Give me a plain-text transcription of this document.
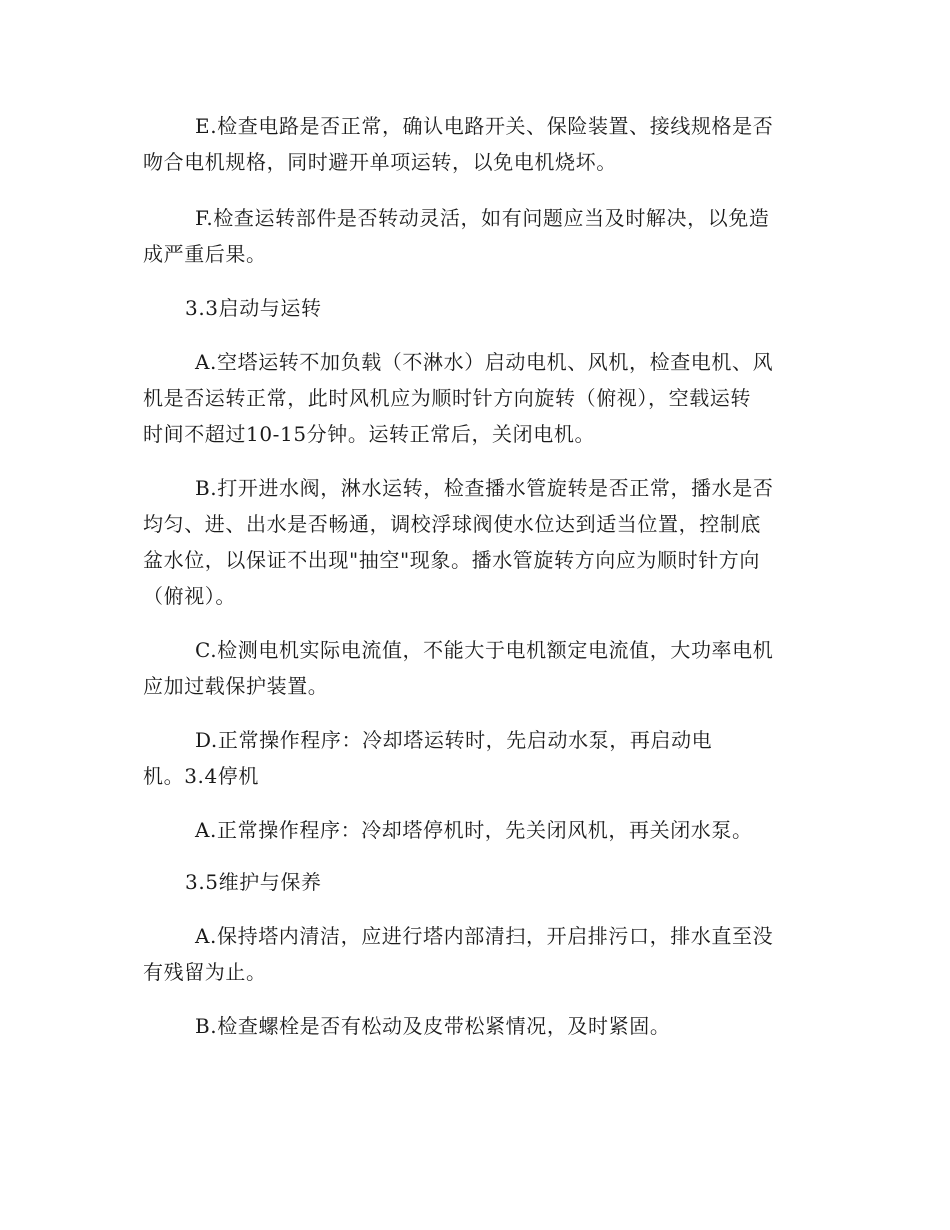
E.检查电路是否正常，确认电路开关、保险装置、接线规格是否
吻合电机规格，同时避开单项运转，以免电机烧坏。
F.检查运转部件是否转动灵活，如有问题应当及时解决，以免造
成严重后果。
3.3启动与运转
A.空塔运转不加负载（不淋水）启动电机、风机，检查电机、风
机是否运转正常，此时风机应为顺时针方向旋转（俯视），空载运转
时间不超过10-15分钟。运转正常后，关闭电机。
B.打开进水阀，淋水运转，检查播水管旋转是否正常，播水是否
均匀、进、出水是否畅通，调校浮球阀使水位达到适当位置，控制底
盆水位，以保证不出现"抽空"现象。播水管旋转方向应为顺时针方向
（俯视）。
C.检测电机实际电流值，不能大于电机额定电流值，大功率电机
应加过载保护装置。
D.正常操作程序：冷却塔运转时，先启动水泵，再启动电
机。3.4停机
A.正常操作程序：冷却塔停机时，先关闭风机，再关闭水泵。
3.5维护与保养
A.保持塔内清洁，应进行塔内部清扫，开启排污口，排水直至没
有残留为止。
B.检查螺栓是否有松动及皮带松紧情况，及时紧固。
